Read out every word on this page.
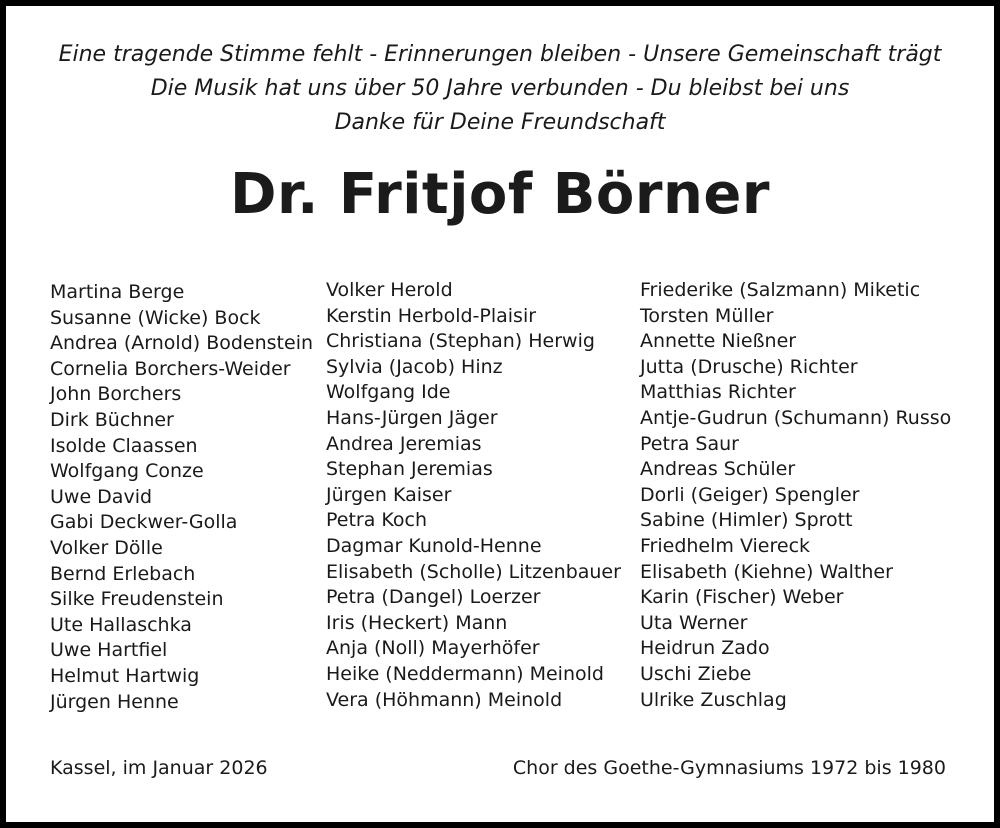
Eine tragende Stimme fehlt - Erinnerungen bleiben - Unsere Gemeinschaft trägt
Die Musik hat uns über 50 Jahre verbunden - Du bleibst bei uns
Danke für Deine Freundschaft
Dr. Fritjof Börner
Martina Berge
Susanne (Wicke) Bock
Andrea (Arnold) Bodenstein
Cornelia Borchers-Weider
John Borchers
Dirk Büchner
Isolde Claassen
Wolfgang Conze
Uwe David
Gabi Deckwer-Golla
Volker Dölle
Bernd Erlebach
Silke Freudenstein
Ute Hallaschka
Uwe Hartfiel
Helmut Hartwig
Jürgen Henne
Volker Herold
Kerstin Herbold-Plaisir
Christiana (Stephan) Herwig
Sylvia (Jacob) Hinz
Wolfgang Ide
Hans-Jürgen Jäger
Andrea Jeremias
Stephan Jeremias
Jürgen Kaiser
Petra Koch
Dagmar Kunold-Henne
Elisabeth (Scholle) Litzenbauer
Petra (Dangel) Loerzer
Iris (Heckert) Mann
Anja (Noll) Mayerhöfer
Heike (Neddermann) Meinold
Vera (Höhmann) Meinold
Friederike (Salzmann) Miketic
Torsten Müller
Annette Nießner
Jutta (Drusche) Richter
Matthias Richter
Antje-Gudrun (Schumann) Russo
Petra Saur
Andreas Schüler
Dorli (Geiger) Spengler
Sabine (Himler) Sprott
Friedhelm Viereck
Elisabeth (Kiehne) Walther
Karin (Fischer) Weber
Uta Werner
Heidrun Zado
Uschi Ziebe
Ulrike Zuschlag
Kassel, im Januar 2026	Chor des Goethe-Gymnasiums 1972 bis 1980
